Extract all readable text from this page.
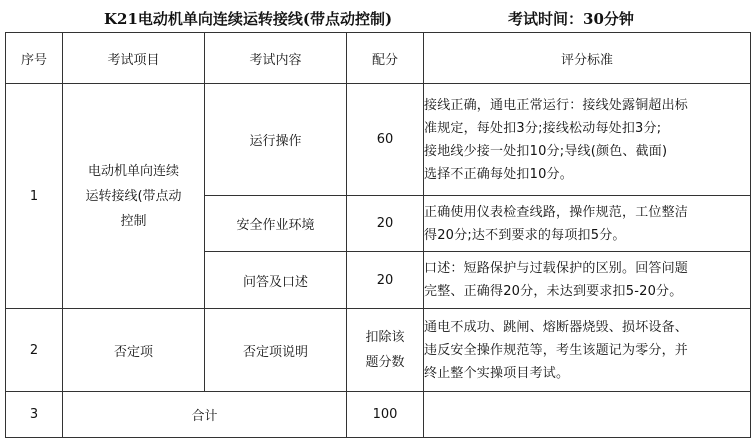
K21电动机单向连续运转接线(带点动控制)	考试时间：30分钟
序号	考试项目	考试内容	配分	评分标准
1	电动机单向连续
运转接线(带点动
控制	运行操作	60	接线正确，通电正常运行：接线处露铜超出标
准规定，每处扣3分;接线松动每处扣3分;
接地线少接一处扣10分;导线(颜色、截面)
选择不正确每处扣10分。

		安全作业环境	20	正确使用仪表检查线路，操作规范，工位整洁
得20分;达不到要求的每项扣5分。

		问答及口述	20	口述：短路保护与过载保护的区别。回答问题
完整、正确得20分，未达到要求扣5-20分。

2	否定项	否定项说明	扣除该
题分数	通电不成功、跳闸、熔断器烧毁、损坏设备、
违反安全操作规范等，考生该题记为零分，并
终止整个实操项目考试。

3	合计		100	
